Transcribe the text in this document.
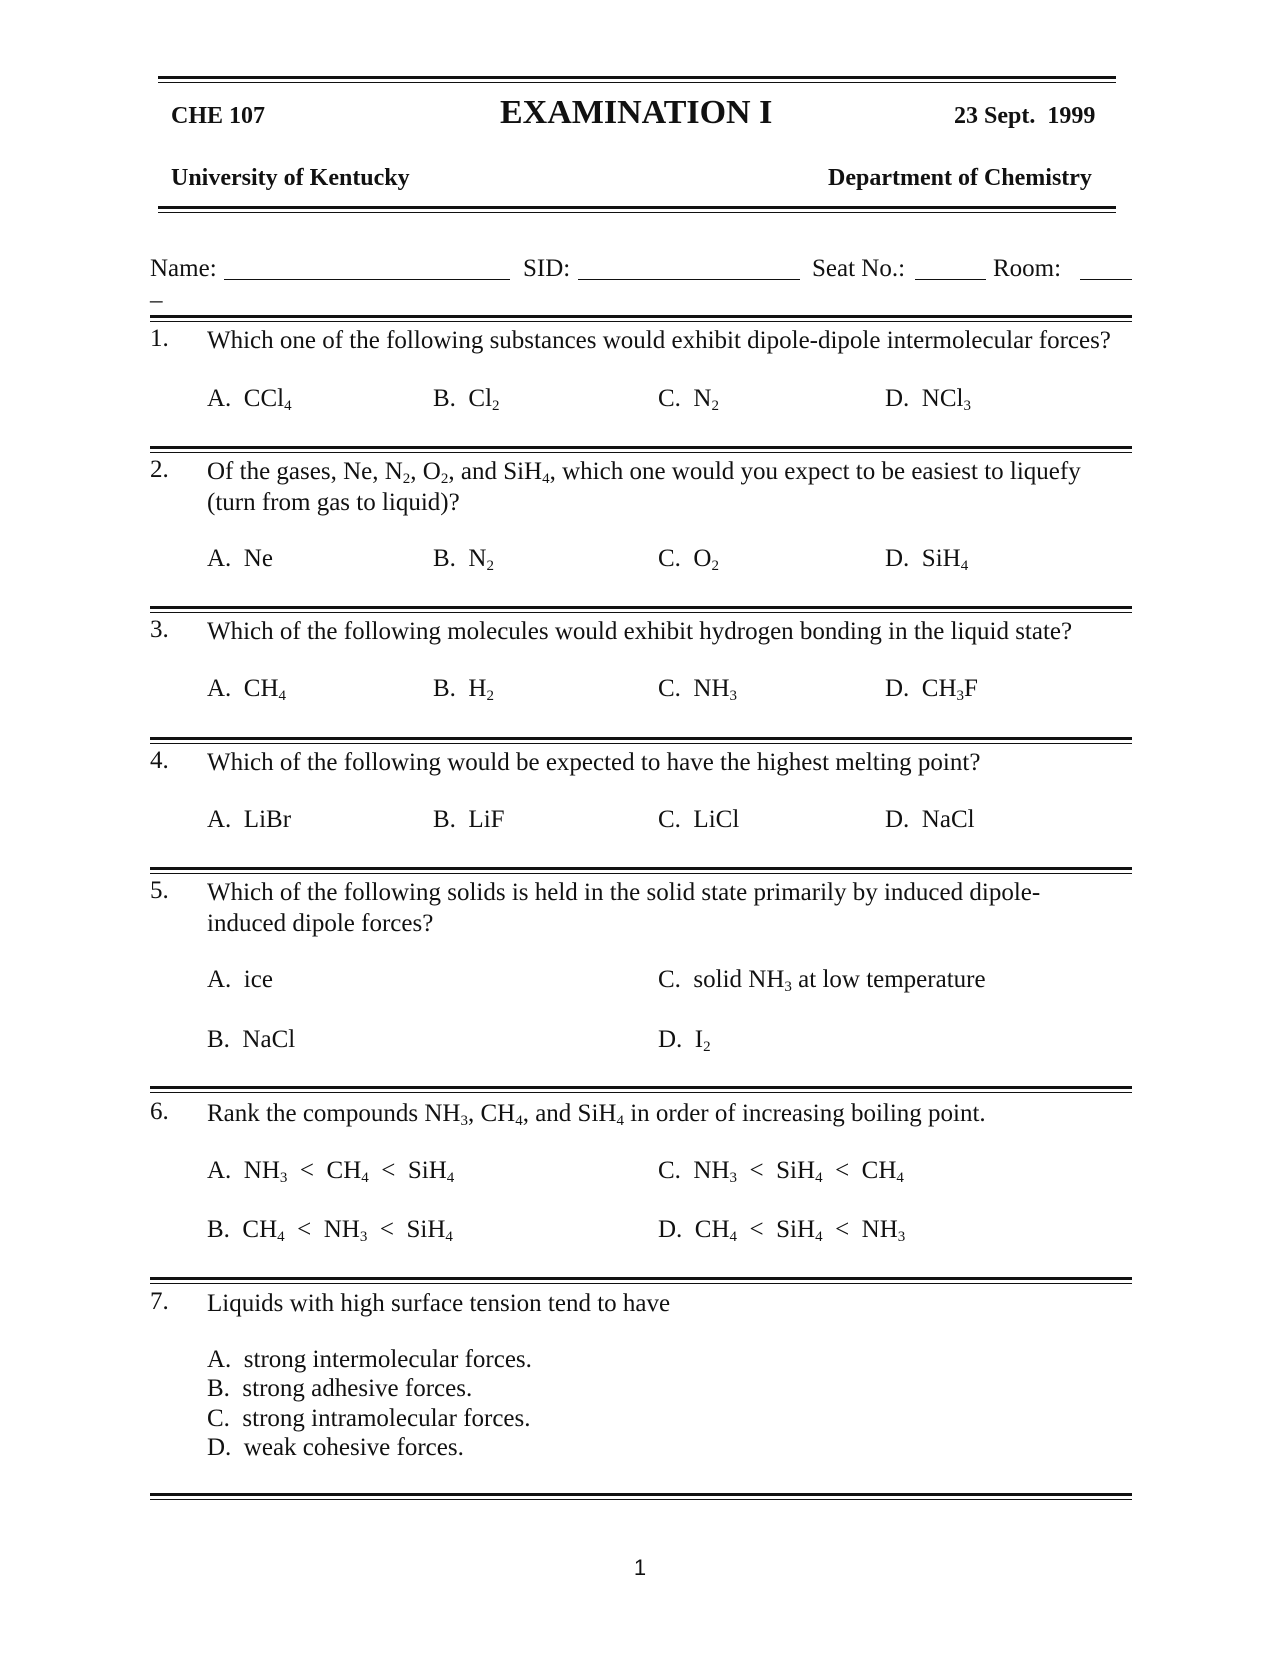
CHE 107	EXAMINATION I	23 Sept.  1999
University of Kentucky	Department of Chemistry
Name:	SID:	Seat No.:	Room:
_
1. Which one of the following substances would exhibit dipole-dipole intermolecular forces?
A.  CCl$_4$	B.  $Cl_2$	C.  $N_2$	D.  NCl$_3$
2. Of the gases, Ne, $N_2$, $O_2$, and SiH$_4$, which one would you expect to be easiest to liquefy (turn from gas to liquid)?
A.  Ne	B.  $N_2$	C.  $O_2$	D.  SiH$_4$
3. Which of the following molecules would exhibit hydrogen bonding in the liquid state?
A.  $CH_4$	B.  $H_2$	C.  $NH_3$	D.  $CH_3F$
4. Which of the following would be expected to have the highest melting point?
A.  LiBr	B.  LiF	C.  LiCl	D.  NaCl
5. Which of the following solids is held in the solid state primarily by induced dipole-induced dipole forces?
A.  ice	C.  solid $NH_3$ at low temperature
B.  NaCl	D.  $I_2$
6. Rank the compounds $NH_3$, $CH_4$, and SiH$_4$ in order of increasing boiling point.
A.  $NH_3 < CH_4 < SiH_4$	C.  $NH_3 < SiH_4 < CH_4$
B.  $CH_4 < NH_3 < SiH_4$	D.  $CH_4 < SiH_4 < NH_3$
7. Liquids with high surface tension tend to have
A.  strong intermolecular forces.
B.  strong adhesive forces.
C.  strong intramolecular forces.
D.  weak cohesive forces.
1
